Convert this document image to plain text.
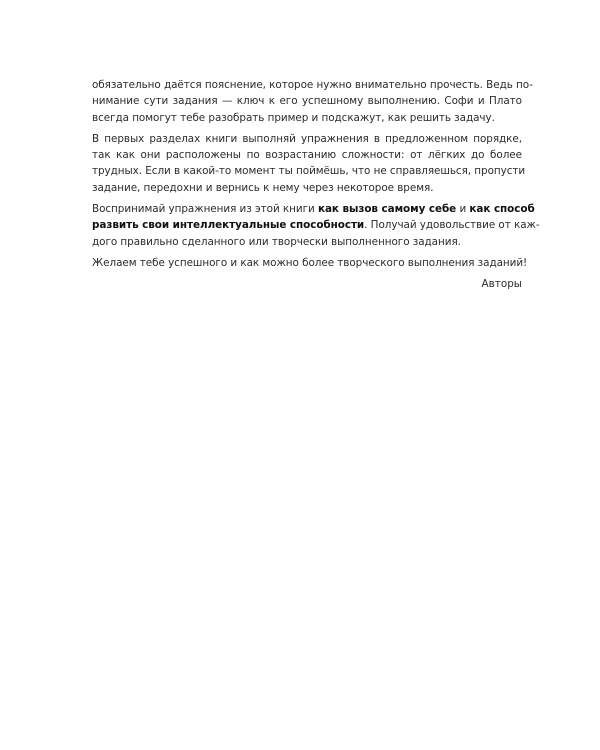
обязательно даётся пояснение, которое нужно внимательно прочесть. Ведь по-
нимание сути задания — ключ к его успешному выполнению. Софи и Плато
всегда помогут тебе разобрать пример и подскажут, как решить задачу.

В первых разделах книги выполняй упражнения в предложенном порядке,
так как они расположены по возрастанию сложности: от лёгких до более
трудных. Если в какой-то момент ты поймёшь, что не справляешься, пропусти
задание, передохни и вернись к нему через некоторое время.

Воспринимай упражнения из этой книги как вызов самому себе и как способ
развить свои интеллектуальные способности. Получай удовольствие от каж-
дого правильно сделанного или творчески выполненного задания.

Желаем тебе успешного и как можно более творческого выполнения заданий!

Авторы
